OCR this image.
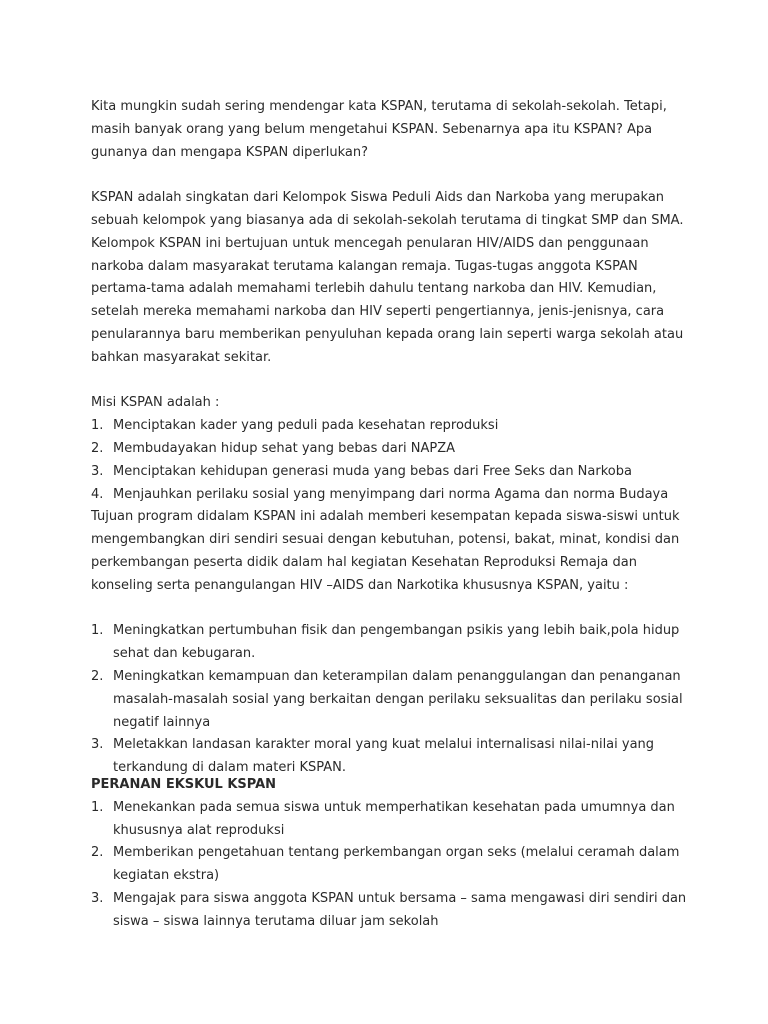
Kita mungkin sudah sering mendengar kata KSPAN, terutama di sekolah-sekolah. Tetapi, masih banyak orang yang belum mengetahui KSPAN. Sebenarnya apa itu KSPAN? Apa gunanya dan mengapa KSPAN diperlukan?

KSPAN adalah singkatan dari Kelompok Siswa Peduli Aids dan Narkoba yang merupakan sebuah kelompok yang biasanya ada di sekolah-sekolah terutama di tingkat SMP dan SMA. Kelompok KSPAN ini bertujuan untuk mencegah penularan HIV/AIDS dan penggunaan narkoba dalam masyarakat terutama kalangan remaja. Tugas-tugas anggota KSPAN pertama-tama adalah memahami terlebih dahulu tentang narkoba dan HIV. Kemudian, setelah mereka memahami narkoba dan HIV seperti pengertiannya, jenis-jenisnya, cara penularannya baru memberikan penyuluhan kepada orang lain seperti warga sekolah atau bahkan masyarakat sekitar.

Misi KSPAN adalah :

1. Menciptakan kader yang peduli pada kesehatan reproduksi
2. Membudayakan hidup sehat yang bebas dari NAPZA
3. Menciptakan kehidupan generasi muda yang bebas dari Free Seks dan Narkoba
4. Menjauhkan perilaku sosial yang menyimpang dari norma Agama dan norma Budaya

Tujuan program didalam KSPAN ini adalah memberi kesempatan kepada siswa-siswi untuk mengembangkan diri sendiri sesuai dengan kebutuhan, potensi, bakat, minat, kondisi dan perkembangan peserta didik dalam hal kegiatan Kesehatan Reproduksi Remaja dan konseling serta penangulangan HIV –AIDS dan Narkotika khususnya KSPAN, yaitu :

1. Meningkatkan pertumbuhan fisik dan pengembangan psikis yang lebih baik,pola hidup sehat dan kebugaran.
2. Meningkatkan kemampuan dan keterampilan dalam penanggulangan dan penanganan masalah-masalah sosial yang berkaitan dengan perilaku seksualitas dan perilaku sosial negatif lainnya
3. Meletakkan landasan karakter moral yang kuat melalui internalisasi nilai-nilai yang terkandung di dalam materi KSPAN.

PERANAN EKSKUL KSPAN

1. Menekankan pada semua siswa untuk memperhatikan kesehatan pada umumnya dan khususnya alat reproduksi
2. Memberikan pengetahuan tentang perkembangan organ seks (melalui ceramah dalam kegiatan ekstra)
3. Mengajak para siswa anggota KSPAN untuk bersama – sama mengawasi diri sendiri dan siswa – siswa lainnya terutama diluar jam sekolah
